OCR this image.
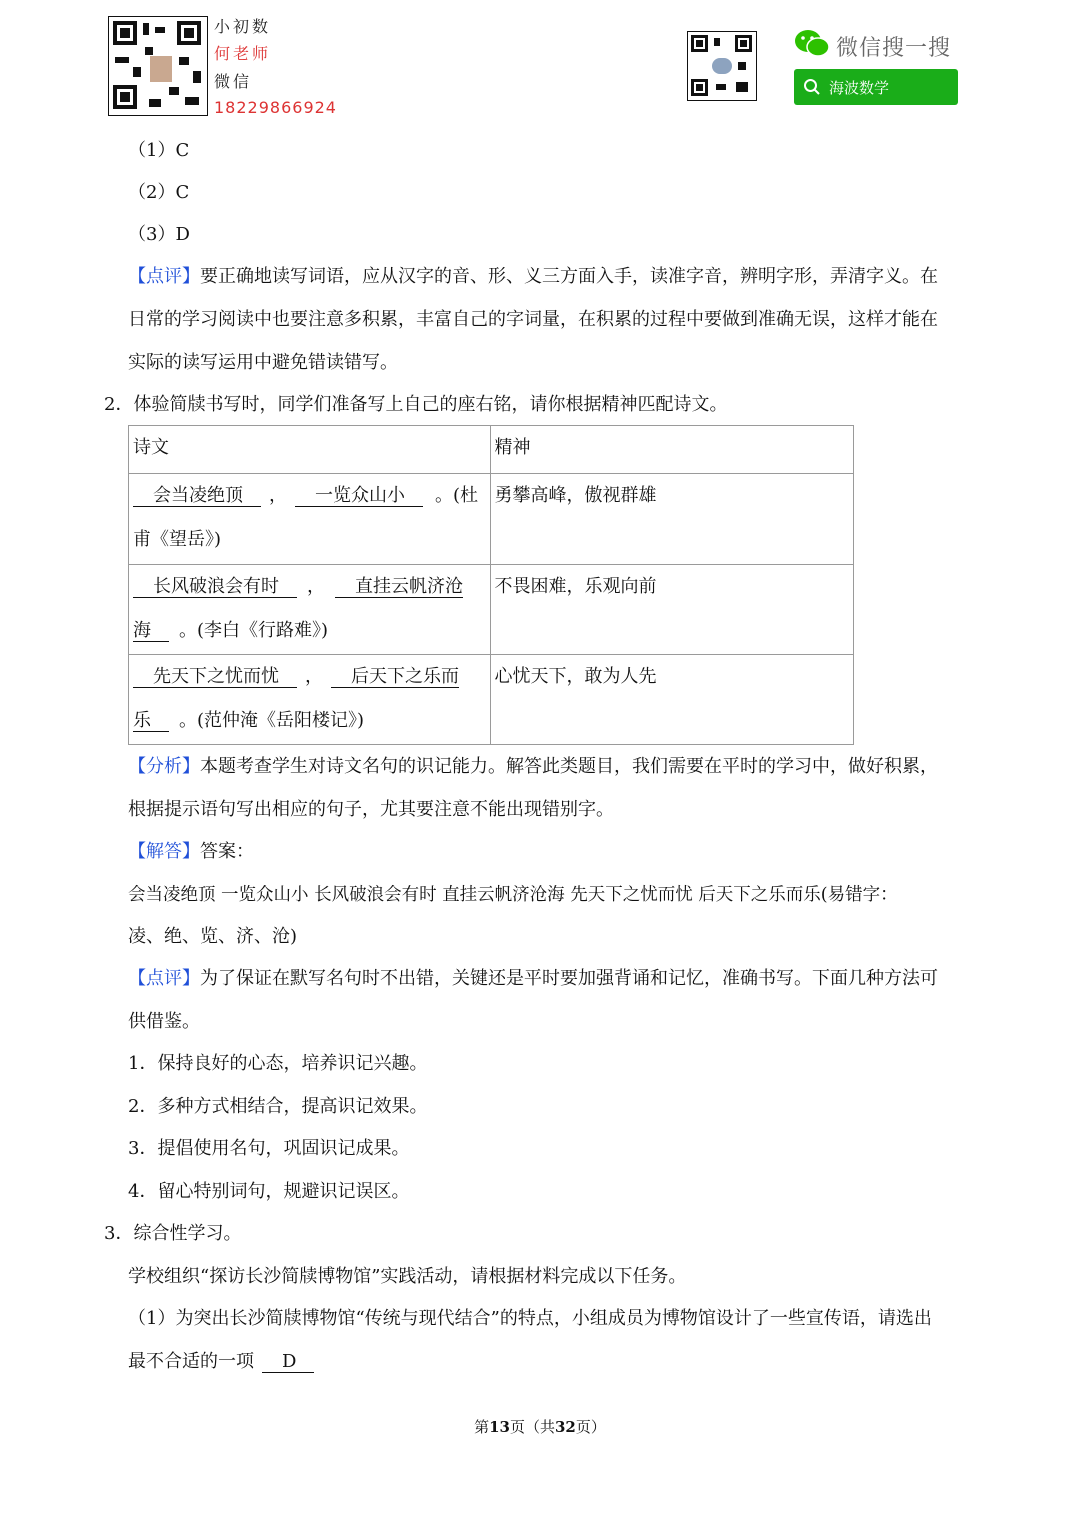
小初数
何老师
微信
18229866924
微信搜一搜
海波数学
（1）C
（2）C
（3）D
【点评】要正确地读写词语，应从汉字的音、形、义三方面入手，读准字音，辨明字形，弄清字义。在
日常的学习阅读中也要注意多积累，丰富自己的字词量，在积累的过程中要做到准确无误，这样才能在
实际的读写运用中避免错读错写。
2．体验简牍书写时，同学们准备写上自己的座右铭，请你根据精神匹配诗文。
诗文	精神
会当凌绝顶 ， 一览众山小 。(杜
甫《望岳》)	勇攀高峰，傲视群雄
长风破浪会有时 ， 直挂云帆济沧
海 。(李白《行路难》)	不畏困难，乐观向前
先天下之忧而忧 ， 后天下之乐而
乐 。(范仲淹《岳阳楼记》)	心忧天下，敢为人先
【分析】本题考查学生对诗文名句的识记能力。解答此类题目，我们需要在平时的学习中，做好积累，
根据提示语句写出相应的句子，尤其要注意不能出现错别字。
【解答】答案：
会当凌绝顶 一览众山小 长风破浪会有时 直挂云帆济沧海 先天下之忧而忧 后天下之乐而乐(易错字：
凌、绝、览、济、沧)
【点评】为了保证在默写名句时不出错，关键还是平时要加强背诵和记忆，准确书写。下面几种方法可
供借鉴。
1．保持良好的心态，培养识记兴趣。
2．多种方式相结合，提高识记效果。
3．提倡使用名句，巩固识记成果。
4．留心特别词句，规避识记误区。
3．综合性学习。
学校组织“探访长沙简牍博物馆”实践活动，请根据材料完成以下任务。
（1）为突出长沙简牍博物馆“传统与现代结合”的特点，小组成员为博物馆设计了一些宣传语，请选出
最不合适的一项 D
第13页（共32页）
